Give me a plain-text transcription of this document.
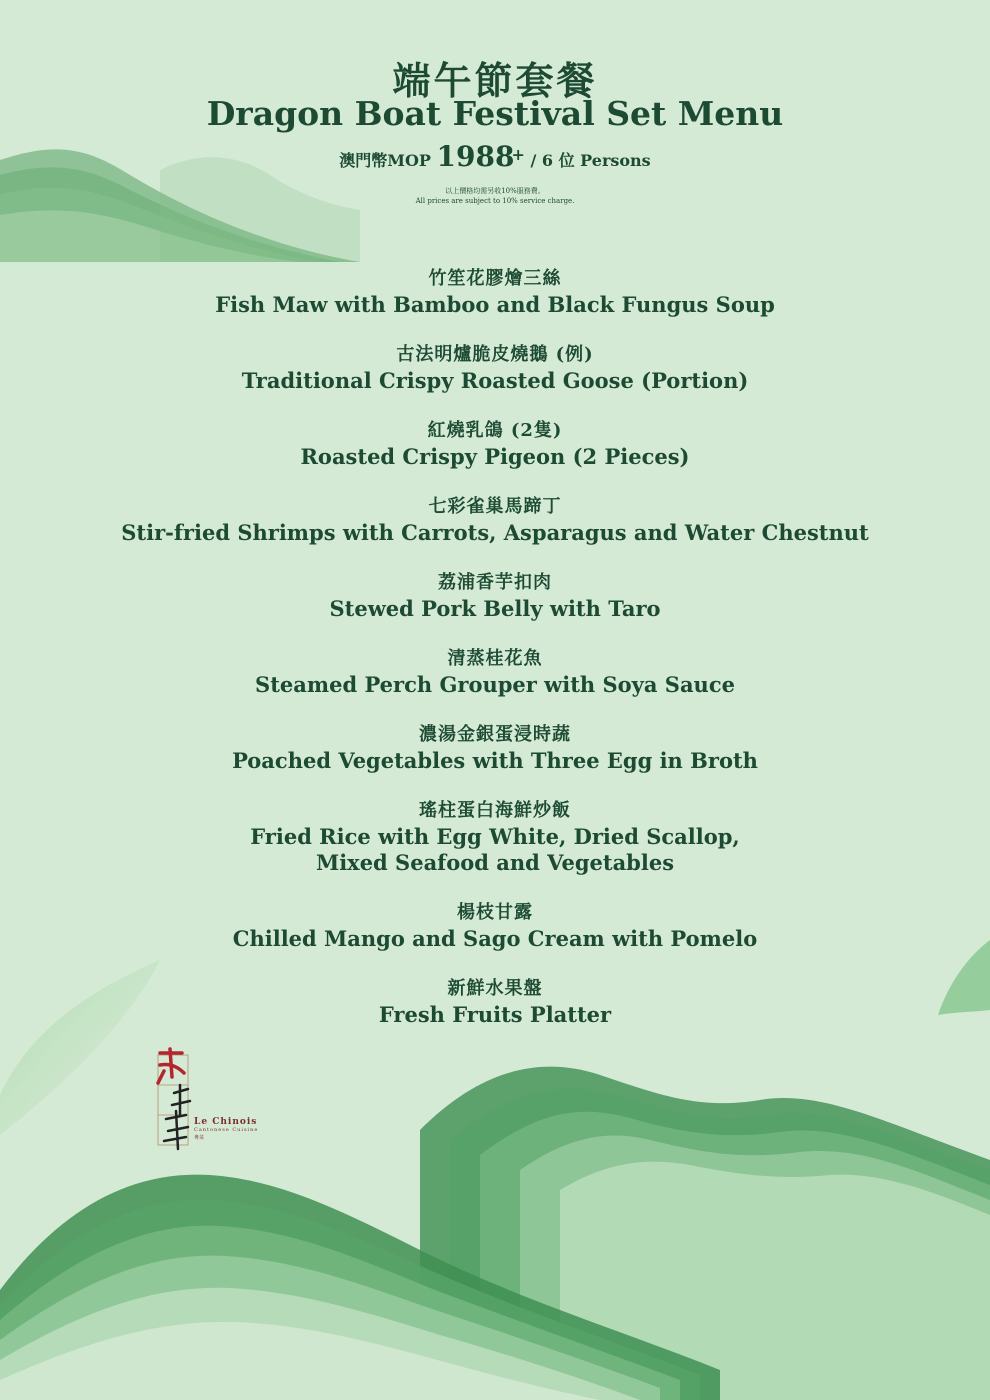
端午節套餐
Dragon Boat Festival Set Menu
澳門幣MOP 1988+ / 6 位 Persons
以上價格均需另收10%服務費。
All prices are subject to 10% service charge.
竹笙花膠燴三絲
Fish Maw with Bamboo and Black Fungus Soup
古法明爐脆皮燒鵝 (例)
Traditional Crispy Roasted Goose (Portion)
紅燒乳鴿 (2隻)
Roasted Crispy Pigeon (2 Pieces)
七彩雀巢馬蹄丁
Stir-fried Shrimps with Carrots, Asparagus and Water Chestnut
荔浦香芋扣肉
Stewed Pork Belly with Taro
清蒸桂花魚
Steamed Perch Grouper with Soya Sauce
濃湯金銀蛋浸時蔬
Poached Vegetables with Three Egg in Broth
瑤柱蛋白海鮮炒飯
Fried Rice with Egg White, Dried Scallop,
Mixed Seafood and Vegetables
楊枝甘露
Chilled Mango and Sago Cream with Pomelo
新鮮水果盤
Fresh Fruits Platter
Le Chinois
Cantonese Cuisine
粵菜
